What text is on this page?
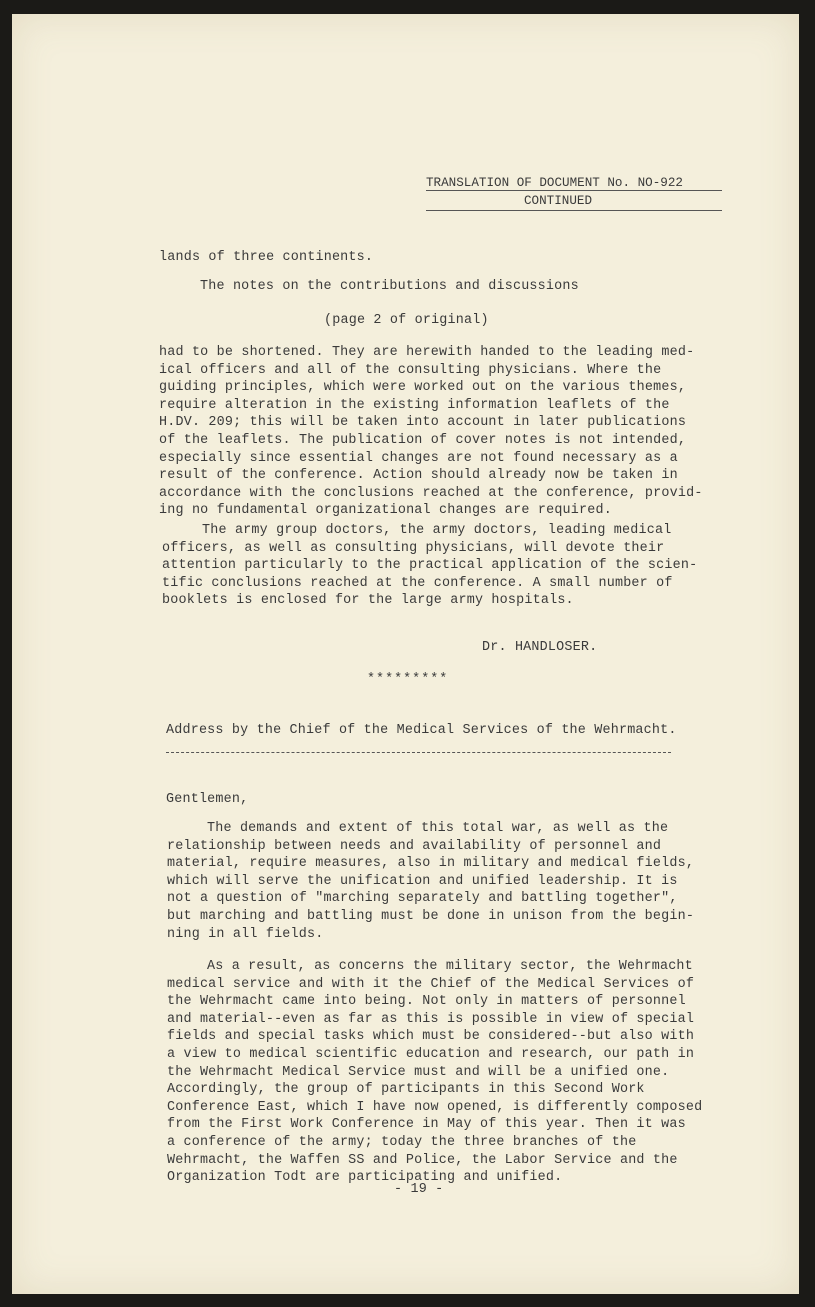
TRANSLATION OF DOCUMENT No. NO-922
CONTINUED

lands of three continents.

The notes on the contributions and discussions

(page 2 of original)

had to be shortened. They are herewith handed to the leading med-
ical officers and all of the consulting physicians. Where the
guiding principles, which were worked out on the various themes,
require alteration in the existing information leaflets of the
H.DV. 209; this will be taken into account in later publications
of the leaflets. The publication of cover notes is not intended,
especially since essential changes are not found necessary as a
result of the conference. Action should already now be taken in
accordance with the conclusions reached at the conference, provid-
ing no fundamental organizational changes are required.
The army group doctors, the army doctors, leading medical
officers, as well as consulting physicians, will devote their
attention particularly to the practical application of the scien-
tific conclusions reached at the conference. A small number of
booklets is enclosed for the large army hospitals.

Dr. HANDLOSER.

*********

Address by the Chief of the Medical Services of the Wehrmacht.

Gentlemen,

The demands and extent of this total war, as well as the
relationship between needs and availability of personnel and
material, require measures, also in military and medical fields,
which will serve the unification and unified leadership. It is
not a question of "marching separately and battling together",
but marching and battling must be done in unison from the begin-
ning in all fields.
As a result, as concerns the military sector, the Wehrmacht
medical service and with it the Chief of the Medical Services of
the Wehrmacht came into being. Not only in matters of personnel
and material--even as far as this is possible in view of special
fields and special tasks which must be considered--but also with
a view to medical scientific education and research, our path in
the Wehrmacht Medical Service must and will be a unified one.
Accordingly, the group of participants in this Second Work
Conference East, which I have now opened, is differently composed
from the First Work Conference in May of this year. Then it was
a conference of the army; today the three branches of the
Wehrmacht, the Waffen SS and Police, the Labor Service and the
Organization Todt are participating and unified.

- 19 -
